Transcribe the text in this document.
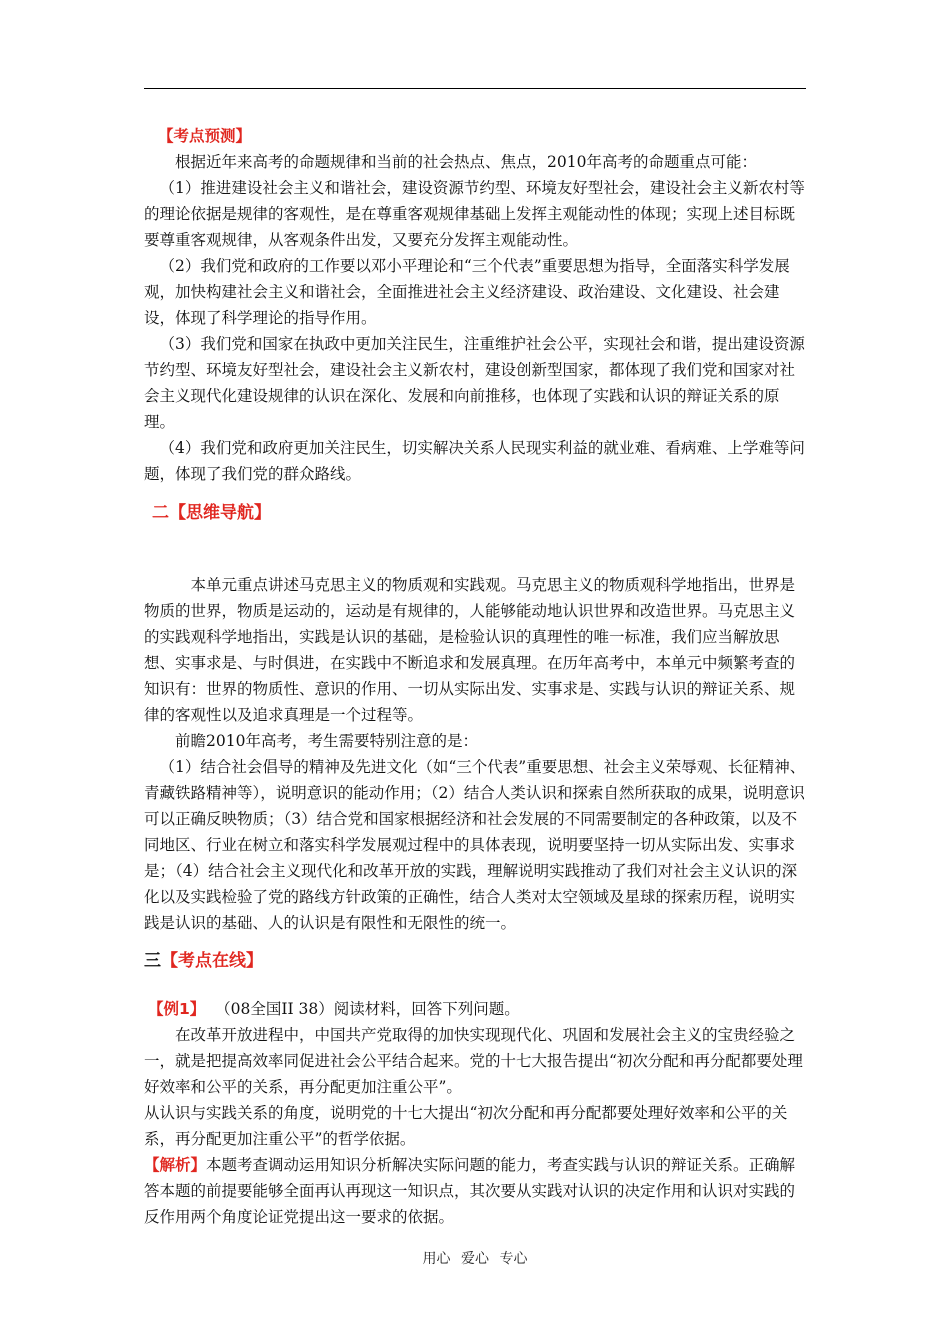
【考点预测】

根据近年来高考的命题规律和当前的社会热点、焦点，2010年高考的命题重点可能：

（1）推进建设社会主义和谐社会，建设资源节约型、环境友好型社会，建设社会主义新农村等的理论依据是规律的客观性，是在尊重客观规律基础上发挥主观能动性的体现；实现上述目标既要尊重客观规律，从客观条件出发，又要充分发挥主观能动性。

（2）我们党和政府的工作要以邓小平理论和“三个代表”重要思想为指导，全面落实科学发展观，加快构建社会主义和谐社会，全面推进社会主义经济建设、政治建设、文化建设、社会建设，体现了科学理论的指导作用。

（3）我们党和国家在执政中更加关注民生，注重维护社会公平，实现社会和谐，提出建设资源节约型、环境友好型社会，建设社会主义新农村，建设创新型国家，都体现了我们党和国家对社会主义现代化建设规律的认识在深化、发展和向前推移，也体现了实践和认识的辩证关系的原理。

（4）我们党和政府更加关注民生，切实解决关系人民现实利益的就业难、看病难、上学难等问题，体现了我们党的群众路线。

二【思维导航】

本单元重点讲述马克思主义的物质观和实践观。马克思主义的物质观科学地指出，世界是物质的世界，物质是运动的，运动是有规律的，人能够能动地认识世界和改造世界。马克思主义的实践观科学地指出，实践是认识的基础，是检验认识的真理性的唯一标准，我们应当解放思想、实事求是、与时俱进，在实践中不断追求和发展真理。在历年高考中，本单元中频繁考查的知识有：世界的物质性、意识的作用、一切从实际出发、实事求是、实践与认识的辩证关系、规律的客观性以及追求真理是一个过程等。

前瞻2010年高考，考生需要特别注意的是：

（1）结合社会倡导的精神及先进文化（如“三个代表”重要思想、社会主义荣辱观、长征精神、青藏铁路精神等），说明意识的能动作用；（2）结合人类认识和探索自然所获取的成果，说明意识可以正确反映物质；（3）结合党和国家根据经济和社会发展的不同需要制定的各种政策，以及不同地区、行业在树立和落实科学发展观过程中的具体表现，说明要坚持一切从实际出发、实事求是；（4）结合社会主义现代化和改革开放的实践，理解说明实践推动了我们对社会主义认识的深化以及实践检验了党的路线方针政策的正确性，结合人类对太空领域及星球的探索历程，说明实践是认识的基础、人的认识是有限性和无限性的统一。

三【考点在线】

【例1】 （08全国II 38）阅读材料，回答下列问题。

在改革开放进程中，中国共产党取得的加快实现现代化、巩固和发展社会主义的宝贵经验之一，就是把提高效率同促进社会公平结合起来。党的十七大报告提出“初次分配和再分配都要处理好效率和公平的关系，再分配更加注重公平”。

从认识与实践关系的角度，说明党的十七大提出“初次分配和再分配都要处理好效率和公平的关系，再分配更加注重公平”的哲学依据。

【解析】本题考查调动运用知识分析解决实际问题的能力，考查实践与认识的辩证关系。正确解答本题的前提要能够全面再认再现这一知识点，其次要从实践对认识的决定作用和认识对实践的反作用两个角度论证党提出这一要求的依据。

用心 爱心 专心
